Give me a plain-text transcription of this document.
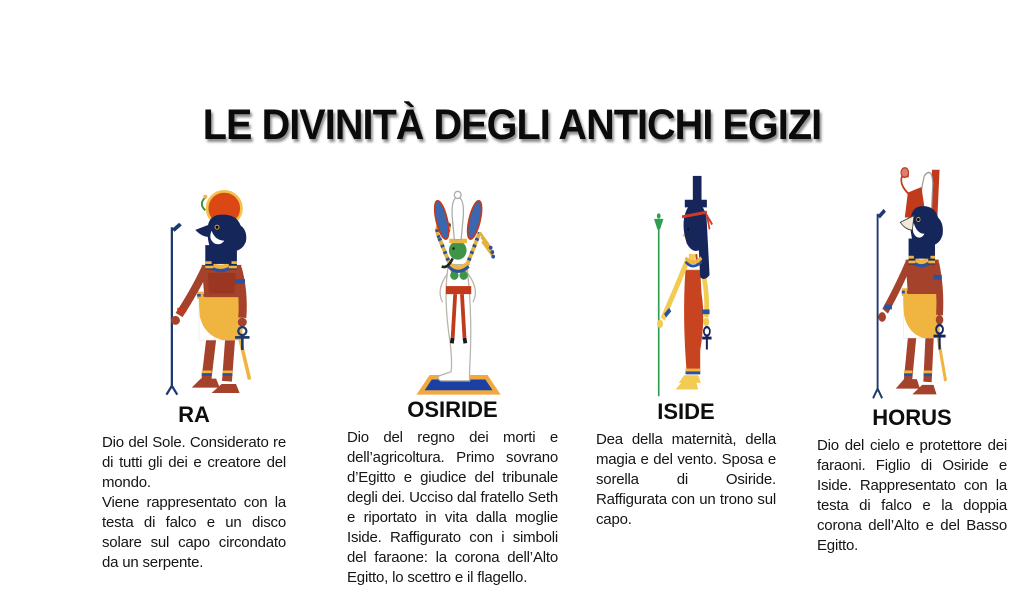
LE DIVINITÀ DEGLI ANTICHI EGIZI
RA

Dio del Sole. Considerato re di tutti gli dei e creatore del mondo.

Viene rappresentato con la testa di falco e un disco solare sul capo circondato da un serpente.

OSIRIDE

Dio del regno dei morti e dell’agricoltura. Primo sovrano d’Egitto e giudice del tribunale degli dei. Ucciso dal fratello Seth e riportato in vita dalla moglie Iside. Raffigurato con i simboli del faraone: la corona dell’Alto Egitto, lo scettro e il flagello.

ISIDE

Dea della maternità, della magia e del vento. Sposa e sorella di Osiride. Raffigurata con un trono sul capo.

HORUS

Dio del cielo e protettore dei faraoni. Figlio di Osiride e Iside. Rappresentato con la testa di falco e la doppia corona dell’Alto e del Basso Egitto.
